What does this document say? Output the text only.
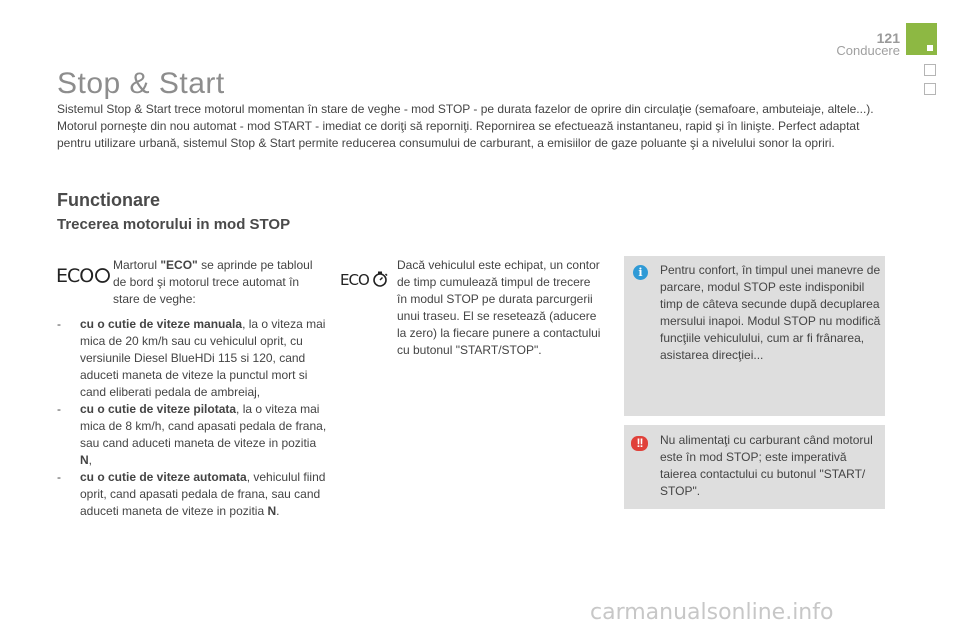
121
Conducere
Stop & Start

Sistemul Stop & Start trece motorul momentan în stare de veghe - mod STOP - pe durata fazelor de oprire din circulaţie (semafoare, ambuteiaje, altele...). Motorul porneşte din nou automat - mod START - imediat ce doriţi să reporniţi. Repornirea se efectuează instantaneu, rapid şi în linişte. Perfect adaptat pentru utilizare urbană, sistemul Stop & Start permite reducerea consumului de carburant, a emisiilor de gaze poluante şi a nivelului sonor la opriri.

Functionare
Trecerea motorului in mod STOP
ECO	Martorul "ECO" se aprinde pe tabloul de bord şi motorul trece automat în stare de veghe:

- cu o cutie de viteze manuala, la o viteza mai mica de 20 km/h sau cu vehiculul oprit, cu versiunile Diesel BlueHDi 115 si 120, cand aduceti maneta de viteze la punctul mort si cand eliberati pedala de ambreiaj,
- cu o cutie de viteze pilotata, la o viteza mai mica de 8 km/h, cand apasati pedala de frana, sau cand aduceti maneta de viteze in pozitia N,
- cu o cutie de viteze automata, vehiculul fiind oprit, cand apasati pedala de frana, sau cand aduceti maneta de viteze in pozitia N.
ECO

Dacă vehiculul este echipat, un contor de timp cumulează timpul de trecere în modul STOP pe durata parcurgerii unui traseu. El se resetează (aducere la zero) la fiecare punere a contactului cu butonul "START/STOP".

i	Pentru confort, în timpul unei manevre de parcare, modul STOP este indisponibil timp de câteva secunde după decuplarea mersului inapoi. Modul STOP nu modifică funcţiile vehiculului, cum ar fi frânarea, asistarea direcţiei...

!!	Nu alimentaţi cu carburant când motorul este în mod STOP; este imperativă taierea contactului cu butonul "START/ STOP".

carmanualsonline.info
